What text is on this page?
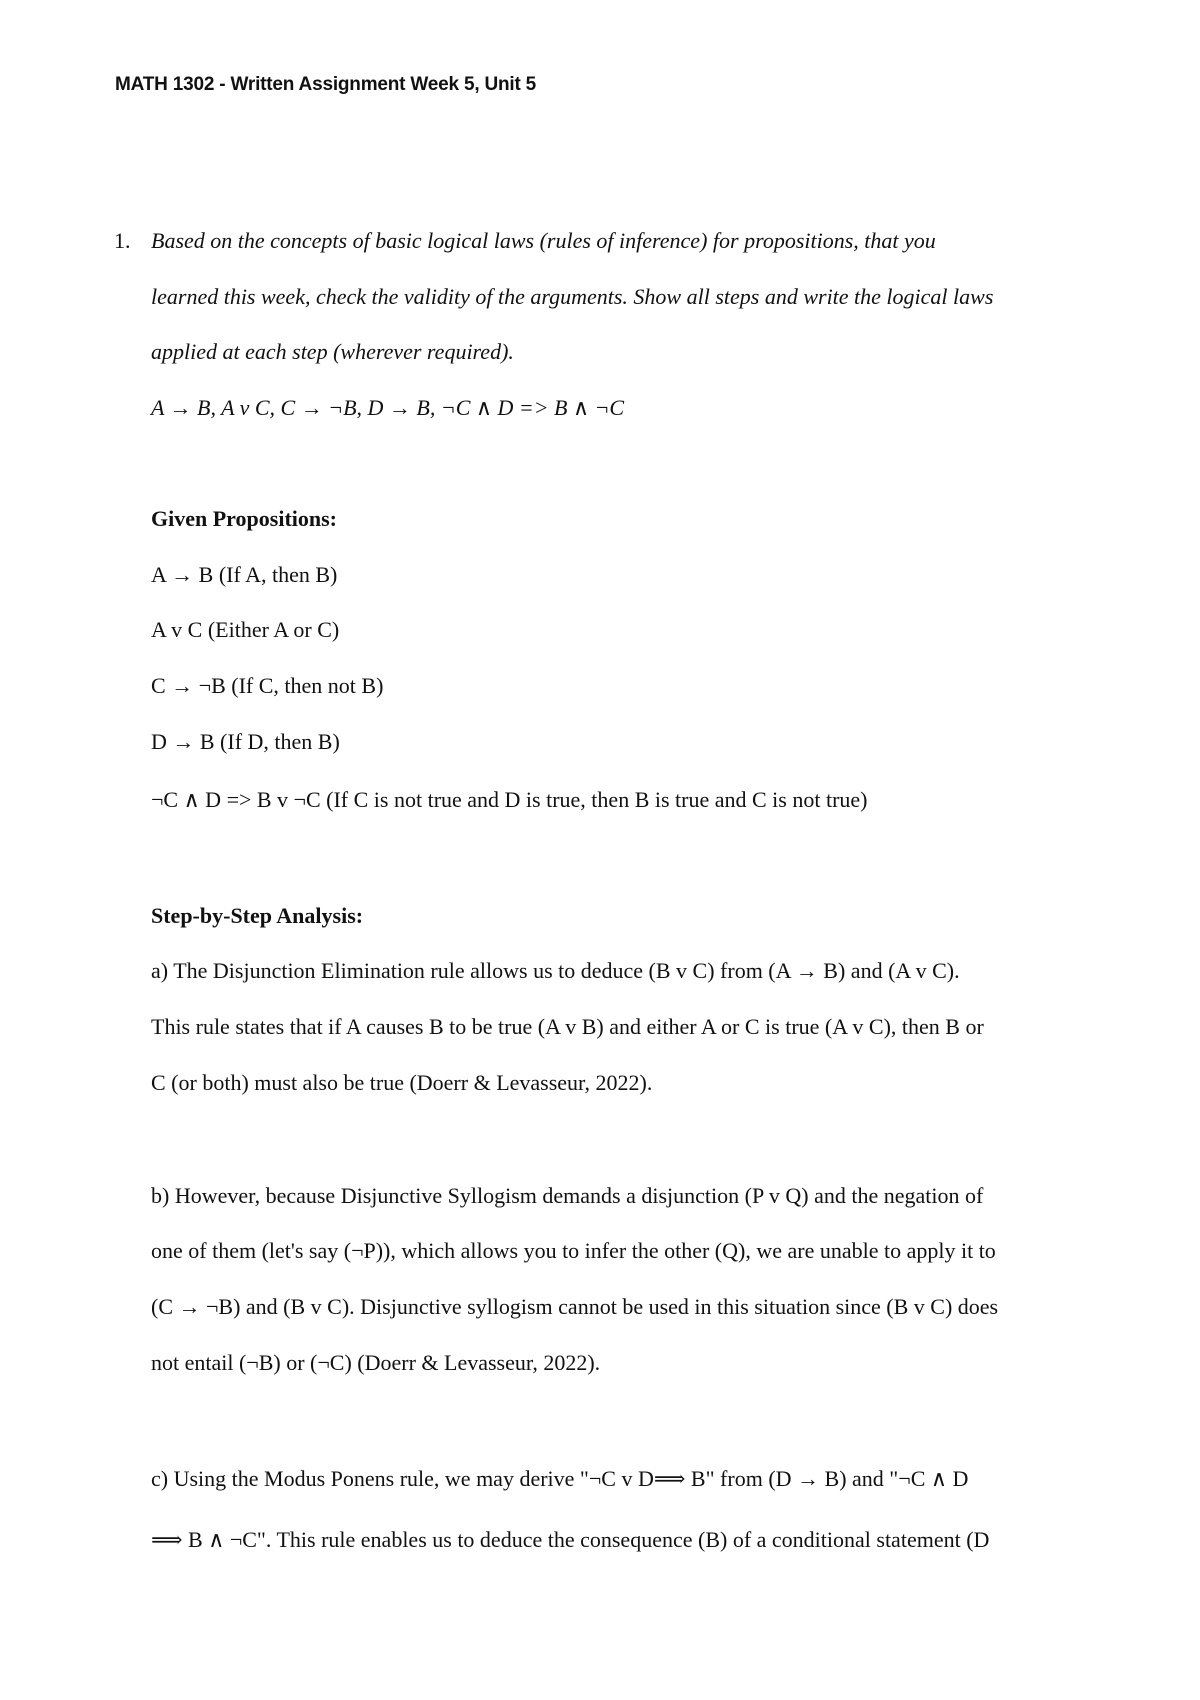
MATH 1302 - Written Assignment Week 5, Unit 5
1. Based on the concepts of basic logical laws (rules of inference) for propositions, that you
learned this week, check the validity of the arguments. Show all steps and write the logical laws
applied at each step (wherever required).
A → B, A v C, C → ¬B, D → B, ¬C ∧ D => B ∧ ¬C
Given Propositions:
A → B (If A, then B)
A v C (Either A or C)
C → ¬B (If C, then not B)
D → B (If D, then B)
¬C ∧ D => B v ¬C (If C is not true and D is true, then B is true and C is not true)
Step-by-Step Analysis:
a) The Disjunction Elimination rule allows us to deduce (B v C) from (A → B) and (A v C).
This rule states that if A causes B to be true (A v B) and either A or C is true (A v C), then B or
C (or both) must also be true (Doerr & Levasseur, 2022).
b) However, because Disjunctive Syllogism demands a disjunction (P v Q) and the negation of
one of them (let's say (¬P)), which allows you to infer the other (Q), we are unable to apply it to
(C → ¬B) and (B v C). Disjunctive syllogism cannot be used in this situation since (B v C) does
not entail (¬B) or (¬C) (Doerr & Levasseur, 2022).
c) Using the Modus Ponens rule, we may derive "¬C v D⟹ B" from (D → B) and "¬C ∧ D
⟹ B ∧ ¬C". This rule enables us to deduce the consequence (B) of a conditional statement (D
